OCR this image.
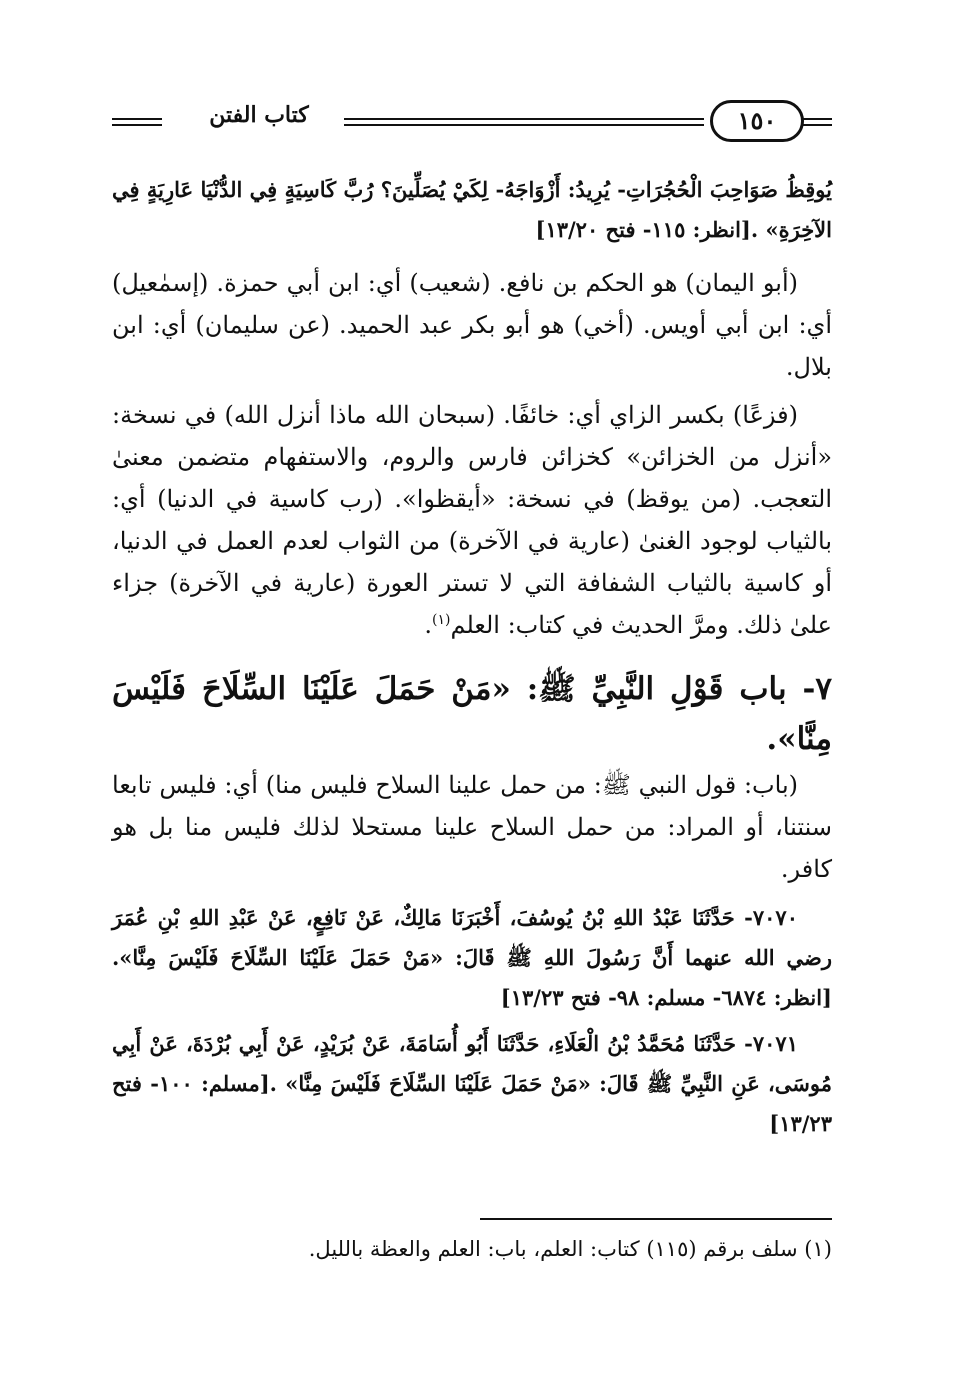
كتاب الفتن	١٥٠

يُوقِظُ صَوَاحِبَ الْحُجُرَاتِ- يُرِيدُ: أَزْوَاجَهُ- لِكَيْ يُصَلِّينَ؟ رُبَّ كَاسِيَةٍ فِي الدُّنْيَا عَارِيَةٍ فِي الآخِرَةِ» .[انظر: ١١٥- فتح ١٣/٢٠]

(أبو اليمان) هو الحكم بن نافع. (شعيب) أي: ابن أبي حمزة. (إسمٰعيل) أي: ابن أبي أويس. (أخي) هو أبو بكر عبد الحميد. (عن سليمان) أي: ابن بلال.

(فزعًا) بكسر الزاي أي: خائفًا. (سبحان الله ماذا أنزل الله) في نسخة: «أنزل من الخزائن» كخزائن فارس والروم، والاستفهام متضمن معنىٰ التعجب. (من يوقظ) في نسخة: «أيقظوا». (رب كاسية في الدنيا) أي: بالثياب لوجود الغنىٰ (عارية في الآخرة) من الثواب لعدم العمل في الدنيا، أو كاسية بالثياب الشفافة التي لا تستر العورة (عارية في الآخرة) جزاء علىٰ ذلك. ومرَّ الحديث في كتاب: العلم$^{(١)}$.

٧- باب قَوْلِ النَّبِيِّ ﷺ: «مَنْ حَمَلَ عَلَيْنَا السِّلَاحَ فَلَيْسَ مِنَّا».

(باب: قول النبي ﷺ: من حمل علينا السلاح فليس منا) أي: فليس تابعا سنتنا، أو المراد: من حمل السلاح علينا مستحلا لذلك فليس منا بل هو كافر.

٧٠٧٠- حَدَّثَنَا عَبْدُ اللهِ بْنُ يُوسُفَ، أَخْبَرَنَا مَالِكٌ، عَنْ نَافِعٍ، عَنْ عَبْدِ اللهِ بْنِ عُمَرَ رضي الله عنهما أَنَّ رَسُولَ اللهِ ﷺ قَالَ: «مَنْ حَمَلَ عَلَيْنَا السِّلَاحَ فَلَيْسَ مِنَّا». [انظر: ٦٨٧٤- مسلم: ٩٨- فتح ١٣/٢٣]

٧٠٧١- حَدَّثَنَا مُحَمَّدُ بْنُ الْعَلَاءِ، حَدَّثَنَا أَبُو أُسَامَةَ، عَنْ بُرَيْدٍ، عَنْ أَبِي بُرْدَةَ، عَنْ أَبِي مُوسَى، عَنِ النَّبِيِّ ﷺ قَالَ: «مَنْ حَمَلَ عَلَيْنَا السِّلَاحَ فَلَيْسَ مِنَّا» .[مسلم: ١٠٠- فتح ١٣/٢٣]

(١) سلف برقم (١١٥) كتاب: العلم، باب: العلم والعظة بالليل.
